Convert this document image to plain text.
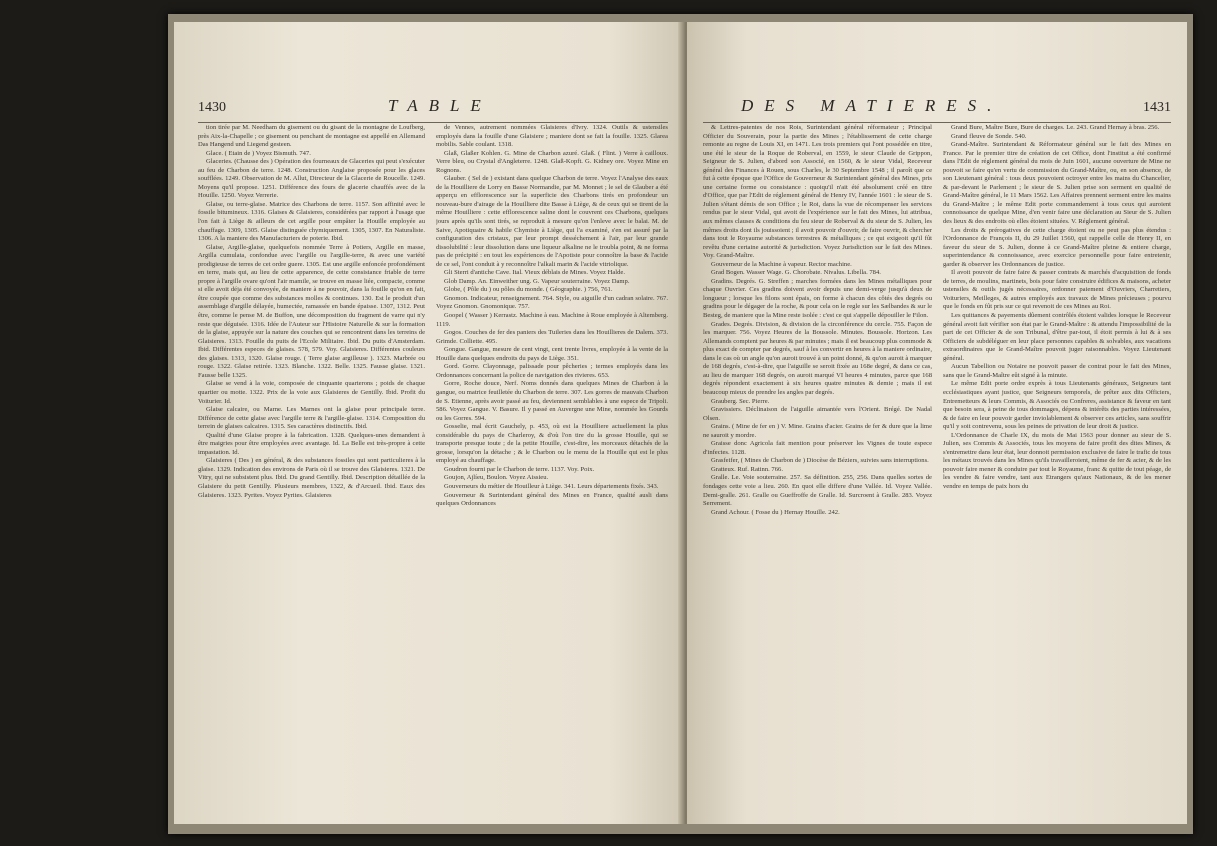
1430	TABLE

tion tirée par M. Needham du gisement ou du gisant de la montagne de Loufberg, près Aix-la-Chapelle ; ce gisement ou penchant de montagne est appellé en Allemand Das Hangend und Liegend gesteen.

Glace. ( Etain de ) Voyez Bismuth. 747.

Glaceries. (Chausse des ) Opération des fourneaux de Glaceries qui peut s'exécuter au feu de Charbon de terre. 1248. Construction Anglaise proposée pour les glaces soufflées. 1249. Observation de M. Allut, Directeur de la Glacerie de Roucelle. 1249. Moyens qu'il propose. 1251. Différence des fours de glacerie chauffés avec de la Houille. 1250. Voyez Verrerie.

Glaise, ou terre-glaise. Matrice des Charbons de terre. 1157. Son affinité avec le fossile bitumineux. 1316. Glaises & Glaisieres, considérées par rapport à l'usage que l'on fait à Liège & ailleurs de cet argille pour empâter la Houille employée au chauffage. 1309, 1305. Glaise distinguée chymiquement. 1305, 1307. En Naturaliste. 1306. A la maniere des Manufacturiers de poterie. Ibid.

Glaise, Argille-glaise, quelquefois nommée Terre à Potiers, Argille en masse, Argilla cumulata, confondue avec l'argille ou l'argille-terre, & avec une variété prodigieuse de terres de cet ordre guere. 1305. Est une argille enfoncée profondément en terre, mais qui, au lieu de cette apparence, de cette consistance friable de terre propre à l'argille ovare qu'ont l'air mamile, se trouve en masse liée, compacte, comme si elle avoit déja été convoyée, de maniere à ne pouvoir, dans la fouille qu'on en fait, être coupée que comme des substances molles & continues. 130. Est le produit d'un assemblage d'argille délayée, humectée, ramassée en bande épaisse. 1307, 1312. Peut être, comme le pense M. de Buffon, une décomposition du fragment de varre qui n'y reste que déguisée. 1316. Idée de l'Auteur sur l'Histoire Naturelle & sur la formation de la glaise, appuyée sur la nature des couches qui se rencontrent dans les terreins de Glaisieres. 1313. Fouille du puits de l'Ecole Militaire. Ibid. Du puits d'Amsterdam. Ibid. Différentes especes de glaises. 578, 579. Voy. Glaisieres. Différentes couleurs des glaises. 1313, 1320. Glaise rouge. ( Terre glaise argilleuse ). 1323. Marbrée ou rouge. 1322. Glaise retirée. 1323. Blanche. 1322. Belle. 1325. Fausse glaise. 1321. Fausse belle 1325.

Glaise se vend à la voie, composée de cinquante quarterons ; poids de chaque quartier ou motte. 1322. Prix de la voie aux Glaisieres de Gentilly. Ibid. Profit du Voiturier. Id.

Glaise calcaire, ou Marne. Les Marnes ont la glaise pour principale terre. Différence de cette glaise avec l'argille terre & l'argille-glaise. 1314. Composition du terrein de glaises calcaires. 1315. Ses caractères distinctifs. Ibid.

Qualité d'une Glaise propre à la fabrication. 1328. Quelques-unes demandent à être maigries pour être employées avec avantage. Id. La Belle est très-propre à cette impastation. Id.

Glaisieres ( Des ) en général, & des substances fossiles qui sont particulieres à la glaise. 1329. Indication des environs de Paris où il se trouve des Glaisieres. 1321. De Vitry, qui ne subsistent plus. Ibid. Du grand Gentilly. Ibid. Description détaillée de la Glaisiere du petit Gentilly. Plusieurs membres, 1322, & d'Arcueil. Ibid. Eaux des Glaisieres. 1323. Pyrites. Voyez Pyrites. Glaisieres

de Vennes, autrement nommées Glaisieres d'Ivry. 1324. Outils & ustensiles employés dans la fouille d'une Glaisiere ; maniere dont se fait la fouille. 1325. Glarea mobilis. Sable coulant. 1318.

Glaß, Glaßer Kohlen. G. Mine de Charbon azuré. Glaß. ( Flint. ) Verre à cailloux. Verre bleu, ou Crystal d'Angleterre. 1248. Glaß-Kopft. G. Kidney ore. Voyez Mine en Rognons.

Glauber. ( Sel de ) existant dans quelque Charbon de terre. Voyez l'Analyse des eaux de la Houilliere de Lorry en Basse Normandie, par M. Monnet ; le sel de Glauber a été apperçu en efflorescence sur la superficie des Charbons tirés en profondeur un nouveau-bure d'airage de la Houilliere dite Basse à Liège, & de ceux qui se tirent de la même Houilliere : cette efflorescence saline dont le couvrent ces Charbons, quelques jours après qu'ils sont tirés, se reproduit à mesure qu'on l'enleve avec le balai. M. de Saive, Apotiquaire & habile Chymiste à Liège, qui l'a examiné, s'en est assuré par la configuration des cristaux, par leur prompt desséchement à l'air, par leur grande dissolubilité : leur dissolution dans une liqueur alkaline ne le troubla point, & ne forma pas de précipité : en tout les expériences de l'Apotiste pour connoître la base & l'acide de ce sel, l'ont conduit à y reconnoître l'alkali marin & l'acide vitriolique.

Gli Sterri d'antiche Cave. Ital. Vieux déblais de Mines. Voyez Halde.

Glob Damp. An. Einweither ung. G. Vapeur souterraine. Voyez Damp.

Globe, ( Pôle du ) ou pôles du monde. ( Géographie. ) 756, 761.

Gnomon. Indicateur, renseignement. 764. Style, ou aiguille d'un cadran solaire. 767. Voyez Gnomon. Gnomonique. 757.

Goopel ( Wasser ) Kerrastz. Machine à eau. Machine à Roue employée à Altemberg. 1119.

Gogos. Couches de fer des paniers des Tuileries dans les Houillieres de Dalem. 373. Grimde. Colliette. 495.

Gongue. Gangue, mesure de cent vingt, cent trente livres, employée à la vente de la Houille dans quelques endroits du pays de Liège. 351.

Gord. Gorre. Clayonnage, palissade pour pêcheries ; termes employés dans les Ordonnances concernant la police de navigation des rivieres. 653.

Gorre, Roche douce, Nerf. Noms donnés dans quelques Mines de Charbon à la gangue, ou matrice feuilletée du Charbon de terre. 307. Les gorres de mauvais Charbon de S. Etienne, après avoir passé au feu, deviennent semblables à une espece de Tripoli. 586. Voyez Gangue. V. Basure. Il y passé en Auvergne une Mine, nommée les Gourds ou les Gorres. 594.

Gosselie, mal écrit Gauchely, p. 453, où est la Houilliere actuellement la plus considérable du pays de Charleroy, & d'où l'on tire du la grosse Houille, qui se transporte presque toute ; de la petite Houille, c'est-dire, les morceaux détachés de la grosse, lorsqu'on la détache ; & le Charbon ou le menu de la Houille qui est le plus employé au chauffage.

Goudron fourni par le Charbon de terre. 1137. Voy. Poix.

Goujon, Ajlíeu, Boulon. Voyez Aissieu.

Gouverneurs du métier de Houilleur à Liège. 341. Leurs départements fixés. 343.

Gouverneur & Surintendant général des Mines en France, qualité ausli dans quelques Ordonnances

DES MATIERES.	1431

& Lettres-patentes de nos Rois, Surintendant général réformateur ; Principal Officier du Souverain, pour la partie des Mines ; l'établissement de cette charge remonte au regne de Louis XI, en 1471. Les trois premiers qui l'ont possédée en titre, une été le sieur de la Roque de Roberval, en 1559, le sieur Claude de Grippon, Seigneur de S. Julien, d'abord son Associé, en 1560, & le sieur Vidal, Receveur général des Finances à Rouen, sous Charles, le 30 Septembre 1548 ; il paroît que ce fut à cette époque que l'Office de Gouverneur & Surintendant général des Mines, pris une certaine forme ou consistance : quoiqu'il n'ait été absolument créé en titre d'Office, que par l'Edit de réglement général de Henry IV, l'année 1601 : le sieur de S. Julien s'étant démis de son Office ; le Roi, dans la vue de récompenser les services rendus par le sieur Vidal, qui avoit de l'expérience sur le fait des Mines, lui attribua, aux mêmes clauses & conditions du feu sieur de Roberval & du sieur de S. Julien, les mêmes droits dont ils jouissoient ; il avoit pouvoir d'ouvrir, de faire ouvrir, & chercher dans tout le Royaume substances terrestres & métalliques ; ce qui exigeoit qu'il fût revêtu d'une certaine autorité & jurisdiction. Voyez Jurisdiction sur le fait des Mines. Voy. Grand-Maître.

Gouverneur de la Machine à vapeur. Rector machine.

Grad Bogen. Wasser Wage. G. Chorobate. Nivalus. Libella. 784.

Gradins. Degrés. G. Streffen ; marches formées dans les Mines métalliques pour chaque Ouvrier. Ces gradins doivent avoir depuis une demi-verge jusqu'à deux de longueur ; lorsque les filons sont épais, on forme à chacun des côtés des degrés ou gradins pour le dégager de la roche, & pour cela on le regle sur les Sælbandes & sur le Besteg, de maniere que la Mine reste isolée : c'est ce qui s'appelle dépouiller le Filon.

Grades. Degrés. Division, & division de la circonférence du cercle. 755. Façon de les marquer. 756. Voyez Heures de la Boussole. Minutes. Boussole. Horizon. Les Allemands comptent par heures & par minutes ; mais il est beaucoup plus commode & plus exact de compter par degrés, sauf à les convertir en heures à la maniere ordinaire, dans le cas où un angle qu'on auroit trouvé à un point donné, & qu'on auroit à marquer de 168 degrés, c'est-à-dire, que l'aiguille se seroit fixée au 168e degré, & dans ce cas, au lieu de marquer 168 degrés, on auroit marqué VI heures 4 minutes, parce que 168 degrés répondent exactement à six heures quatre minutes & demie ; mais il est beaucoup mieux de prendre les angles par degrés.

Grauberg. Sec. Pierre.

Gravissiers. Déclinaison de l'aiguille aimantée vers l'Orient. Brégé. De Nadal Olsen.

Grains. ( Mine de fer en ) V. Mine. Grains d'acier. Grains de fer & dure que la lime ne sauroit y mordre.

Graisse donc Agricola fait mention pour préserver les Vignes de toute espece d'infectes. 1128.

Grasfeifer, ( Mines de Charbon de ) Diocèse de Béziers, suivies sans interruptions.

Gratteux. Ruf. Ratinn. 766.

Gralle. Le. Voie souterraine. 257. Sa définition. 255, 256. Dans quelles sortes de fondages cette voie a lieu. 260. En quoi elle differe d'une Vallée. Id. Voyez Vallée. Demi-gralle. 261. Gralle ou Gueffroffe de Gralle. Id. Surcroent à Gralle. 283. Voyez Serrement.

Grand Achour. ( Fosse du ) Hernay Houille. 242.

Grand Bure, Maître Bure, Bure de charges. Le. 243. Grand Hernay à bras. 256.

Grand fleuve de Sonde. 540.

Grand-Maître. Surintendant & Réformateur général sur le fait des Mines en France. Par le premier titre de création de cet Office, dont l'institut a été confirmé dans l'Edit de réglement général du mois de Juin 1601, aucune ouverture de Mine ne pouvoit se faire qu'en vertu de commission du Grand-Maître, ou, en son absence, de son Lieutenant général : tous deux pouvoient octroyer entre les mains du Chancelier, & par-devant le Parlement ; le sieur de S. Julien prise son serment en qualité de Grand-Maître général, le 11 Mars 1562. Les Affaires prennent serment entre les mains du Grand-Maître ; le même Edit porte commandement à tous ceux qui auroient connoissance de quelque Mine, d'en venir faire une déclaration au Sieur de S. Julien des lieux & des endroits où elles étoient situées. V. Réglement général.

Les droits & prérogatives de cette charge étoient ou ne peut pas plus étendus : l'Ordonnance de François II, du 29 Juillet 1560, qui rappelle celle de Henry II, en faveur du sieur de S. Julien, donne à ce Grand-Maître pleine & entiere charge, superintendance & connoissance, avec exercice personnelle pour faire entretenir, garder & observer les Ordonnances de justice.

Il avoit pouvoir de faire faire & passer contrats & marchés d'acquisition de fonds de terres, de moulins, martinets, bois pour faire construire édifices & maisons, acheter ustensiles & outils jugés nécessaires, ordonner paiement d'Ouvriers, Charretiers, Voituriers, Meilleges, & autres employés aux travaux de Mines précieuses ; pourvu que le fonds en fût pris sur ce qui revenoit de ces Mines au Roi.

Les quittances & payements dûement contrôlés étoient valides lorsque le Receveur général avoit fait vérifier son état par le Grand-Maître : & attendu l'impossibilité de la part de cet Officier & de son Tribunal, d'être par-tout, il étoit permis à lui & à ses Officiers de subdéléguer en leur place personnes capables & solvables, aux vacations extraordinaires que le Grand-Maître pouvoit juger raisonnables. Voyez Lieutenant général.

Aucun Tabellion ou Notaire ne pouvoit passer de contrat pour le fait des Mines, sans que le Grand-Maître eût signé à la minute.

Le même Edit porte ordre exprès à tous Lieutenants généraux, Seigneurs tant ecclésiastiques ayant justice, que Seigneurs temporels, de prêter aux dits Officiers, Entremetteurs & leurs Commis, & Associés ou Confreres, assistance & faveur en tant que besoin sera, à peine de tous dommages, dépens & intérêts des parties intéressées, & de faire en leur pouvoir garder inviolablement & observer ces articles, sans souffrir qu'il y soit contrevenu, sous les peines de privation de leur droit & justice.

L'Ordonnance de Charle IX, du mois de Mai 1563 pour donner au sieur de S. Julien, ses Commis & Associés, tous les moyens de faire profit des dites Mines, & s'entremettre dans leur état, leur donnoit permission exclusive de faire le trafic de tous les métaux trouvés dans les Mines qu'ils travailleroient, même de fer & acier, & de les pouvoir faire mener & conduire par tout le Royaume, franc & quitte de tout péage, de les vendre & faire vendre, tant aux Etrangers qu'aux Nationaux, & de les mener vendre en temps de paix hors du
